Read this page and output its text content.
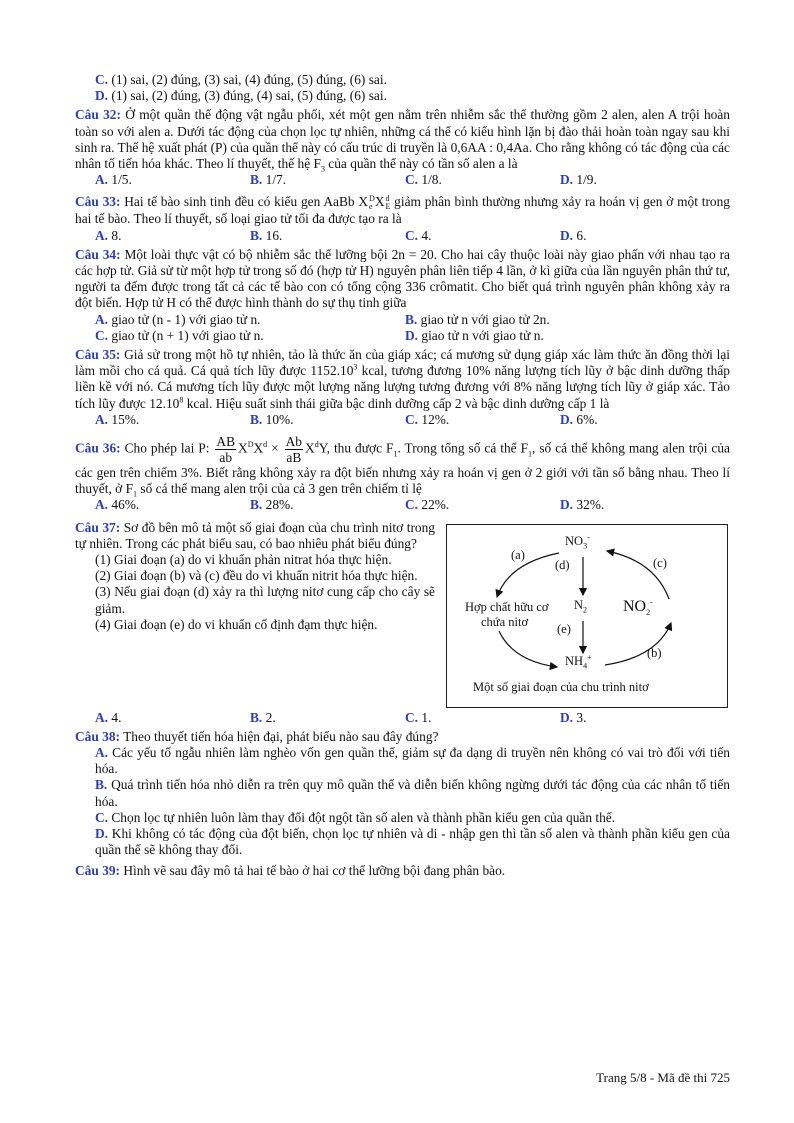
C. (1) sai, (2) đúng, (3) sai, (4) đúng, (5) đúng, (6) sai.

D. (1) sai, (2) đúng, (3) đúng, (4) sai, (5) đúng, (6) sai.

Câu 32: Ở một quần thể động vật ngẫu phối, xét một gen nằm trên nhiễm sắc thể thường gồm 2 alen, alen A trội hoàn toàn so với alen a. Dưới tác động của chọn lọc tự nhiên, những cá thể có kiểu hình lặn bị đào thải hoàn toàn ngay sau khi sinh ra. Thế hệ xuất phát (P) của quần thể này có cấu trúc di truyền là 0,6AA : 0,4Aa. Cho rằng không có tác động của các nhân tố tiến hóa khác. Theo lí thuyết, thế hệ $F_3$ của quần thể này có tần số alen a là

A. 1/5.	B. 1/7.	C. 1/8.	D. 1/9.

Câu 33: Hai tế bào sinh tinh đều có kiểu gen AaBb XD
e Xd
E giảm phân bình thường nhưng xảy ra hoán vị gen ở một trong hai tế bào. Theo lí thuyết, số loại giao tử tối đa được tạo ra là

A. 8.	B. 16.	C. 4.	D. 6.

Câu 34: Một loài thực vật có bộ nhiễm sắc thể lưỡng bội 2n = 20. Cho hai cây thuộc loài này giao phấn với nhau tạo ra các hợp tử. Giả sử từ một hợp tử trong số đó (hợp tử H) nguyên phân liên tiếp 4 lần, ở kì giữa của lần nguyên phân thứ tư, người ta đếm được trong tất cả các tế bào con có tổng cộng 336 crômatit. Cho biết quá trình nguyên phân không xảy ra đột biến. Hợp tử H có thể được hình thành do sự thụ tinh giữa

A. giao tử (n - 1) với giao tử n.	B. giao tử n với giao tử 2n.
C. giao tử (n + 1) với giao tử n.	D. giao tử n với giao tử n.

Câu 35: Giả sử trong một hồ tự nhiên, tảo là thức ăn của giáp xác; cá mương sử dụng giáp xác làm thức ăn đồng thời lại làm mồi cho cá quả. Cá quả tích lũy được 1152.10$^3$ kcal, tương đương 10% năng lượng tích lũy ở bậc dinh dưỡng thấp liền kề với nó. Cá mương tích lũy được một lượng năng lượng tương đương với 8% năng lượng tích lũy ở giáp xác. Tảo tích lũy được 12.10$^8$ kcal. Hiệu suất sinh thái giữa bậc dinh dưỡng cấp 2 và bậc dinh dưỡng cấp 1 là

A. 15%.	B. 10%.	C. 12%.	D. 6%.

Câu 36: Cho phép lai P: $\frac{AB}{ab} X^DX^d \times \frac{Ab}{aB} X^dY$, thu được $F_1$. Trong tổng số cá thể $F_1$, số cá thể không mang alen trội của các gen trên chiếm 3%. Biết rằng không xảy ra đột biến nhưng xảy ra hoán vị gen ở 2 giới với tần số bằng nhau. Theo lí thuyết, ở $F_1$ số cá thể mang alen trội của cả 3 gen trên chiếm tỉ lệ

A. 46%.	B. 28%.	C. 22%.	D. 32%.

Câu 37: Sơ đồ bên mô tả một số giai đoạn của chu trình nitơ trong tự nhiên. Trong các phát biểu sau, có bao nhiêu phát biểu đúng?

(1) Giai đoạn (a) do vi khuẩn phản nitrat hóa thực hiện.

(2) Giai đoạn (b) và (c) đều do vi khuẩn nitrit hóa thực hiện.

(3) Nếu giai đoạn (d) xảy ra thì lượng nitơ cung cấp cho cây sẽ giảm.

(4) Giai đoạn (e) do vi khuẩn cố định đạm thực hiện.

$NO_3^-$
(a)
(d)	(c)
Hợp chất hữu cơ
chứa nitơ
$N_2$ $NO_2^-$
(e)
(b)
$NH_4^+$
Một số giai đoạn của chu trình nitơ
A. 4.	B. 2.	C. 1.	D. 3.

Câu 38: Theo thuyết tiến hóa hiện đại, phát biểu nào sau đây đúng?

A. Các yếu tố ngẫu nhiên làm nghèo vốn gen quần thể, giảm sự đa dạng di truyền nên không có vai trò đối với tiến hóa.

B. Quá trình tiến hóa nhỏ diễn ra trên quy mô quần thể và diễn biến không ngừng dưới tác động của các nhân tố tiến hóa.

C. Chọn lọc tự nhiên luôn làm thay đổi đột ngột tần số alen và thành phần kiểu gen của quần thể.

D. Khi không có tác động của đột biến, chọn lọc tự nhiên và di - nhập gen thì tần số alen và thành phần kiểu gen của quần thể sẽ không thay đổi.

Câu 39: Hình vẽ sau đây mô tả hai tế bào ở hai cơ thể lưỡng bội đang phân bào.

Trang 5/8 - Mã đề thi 725
